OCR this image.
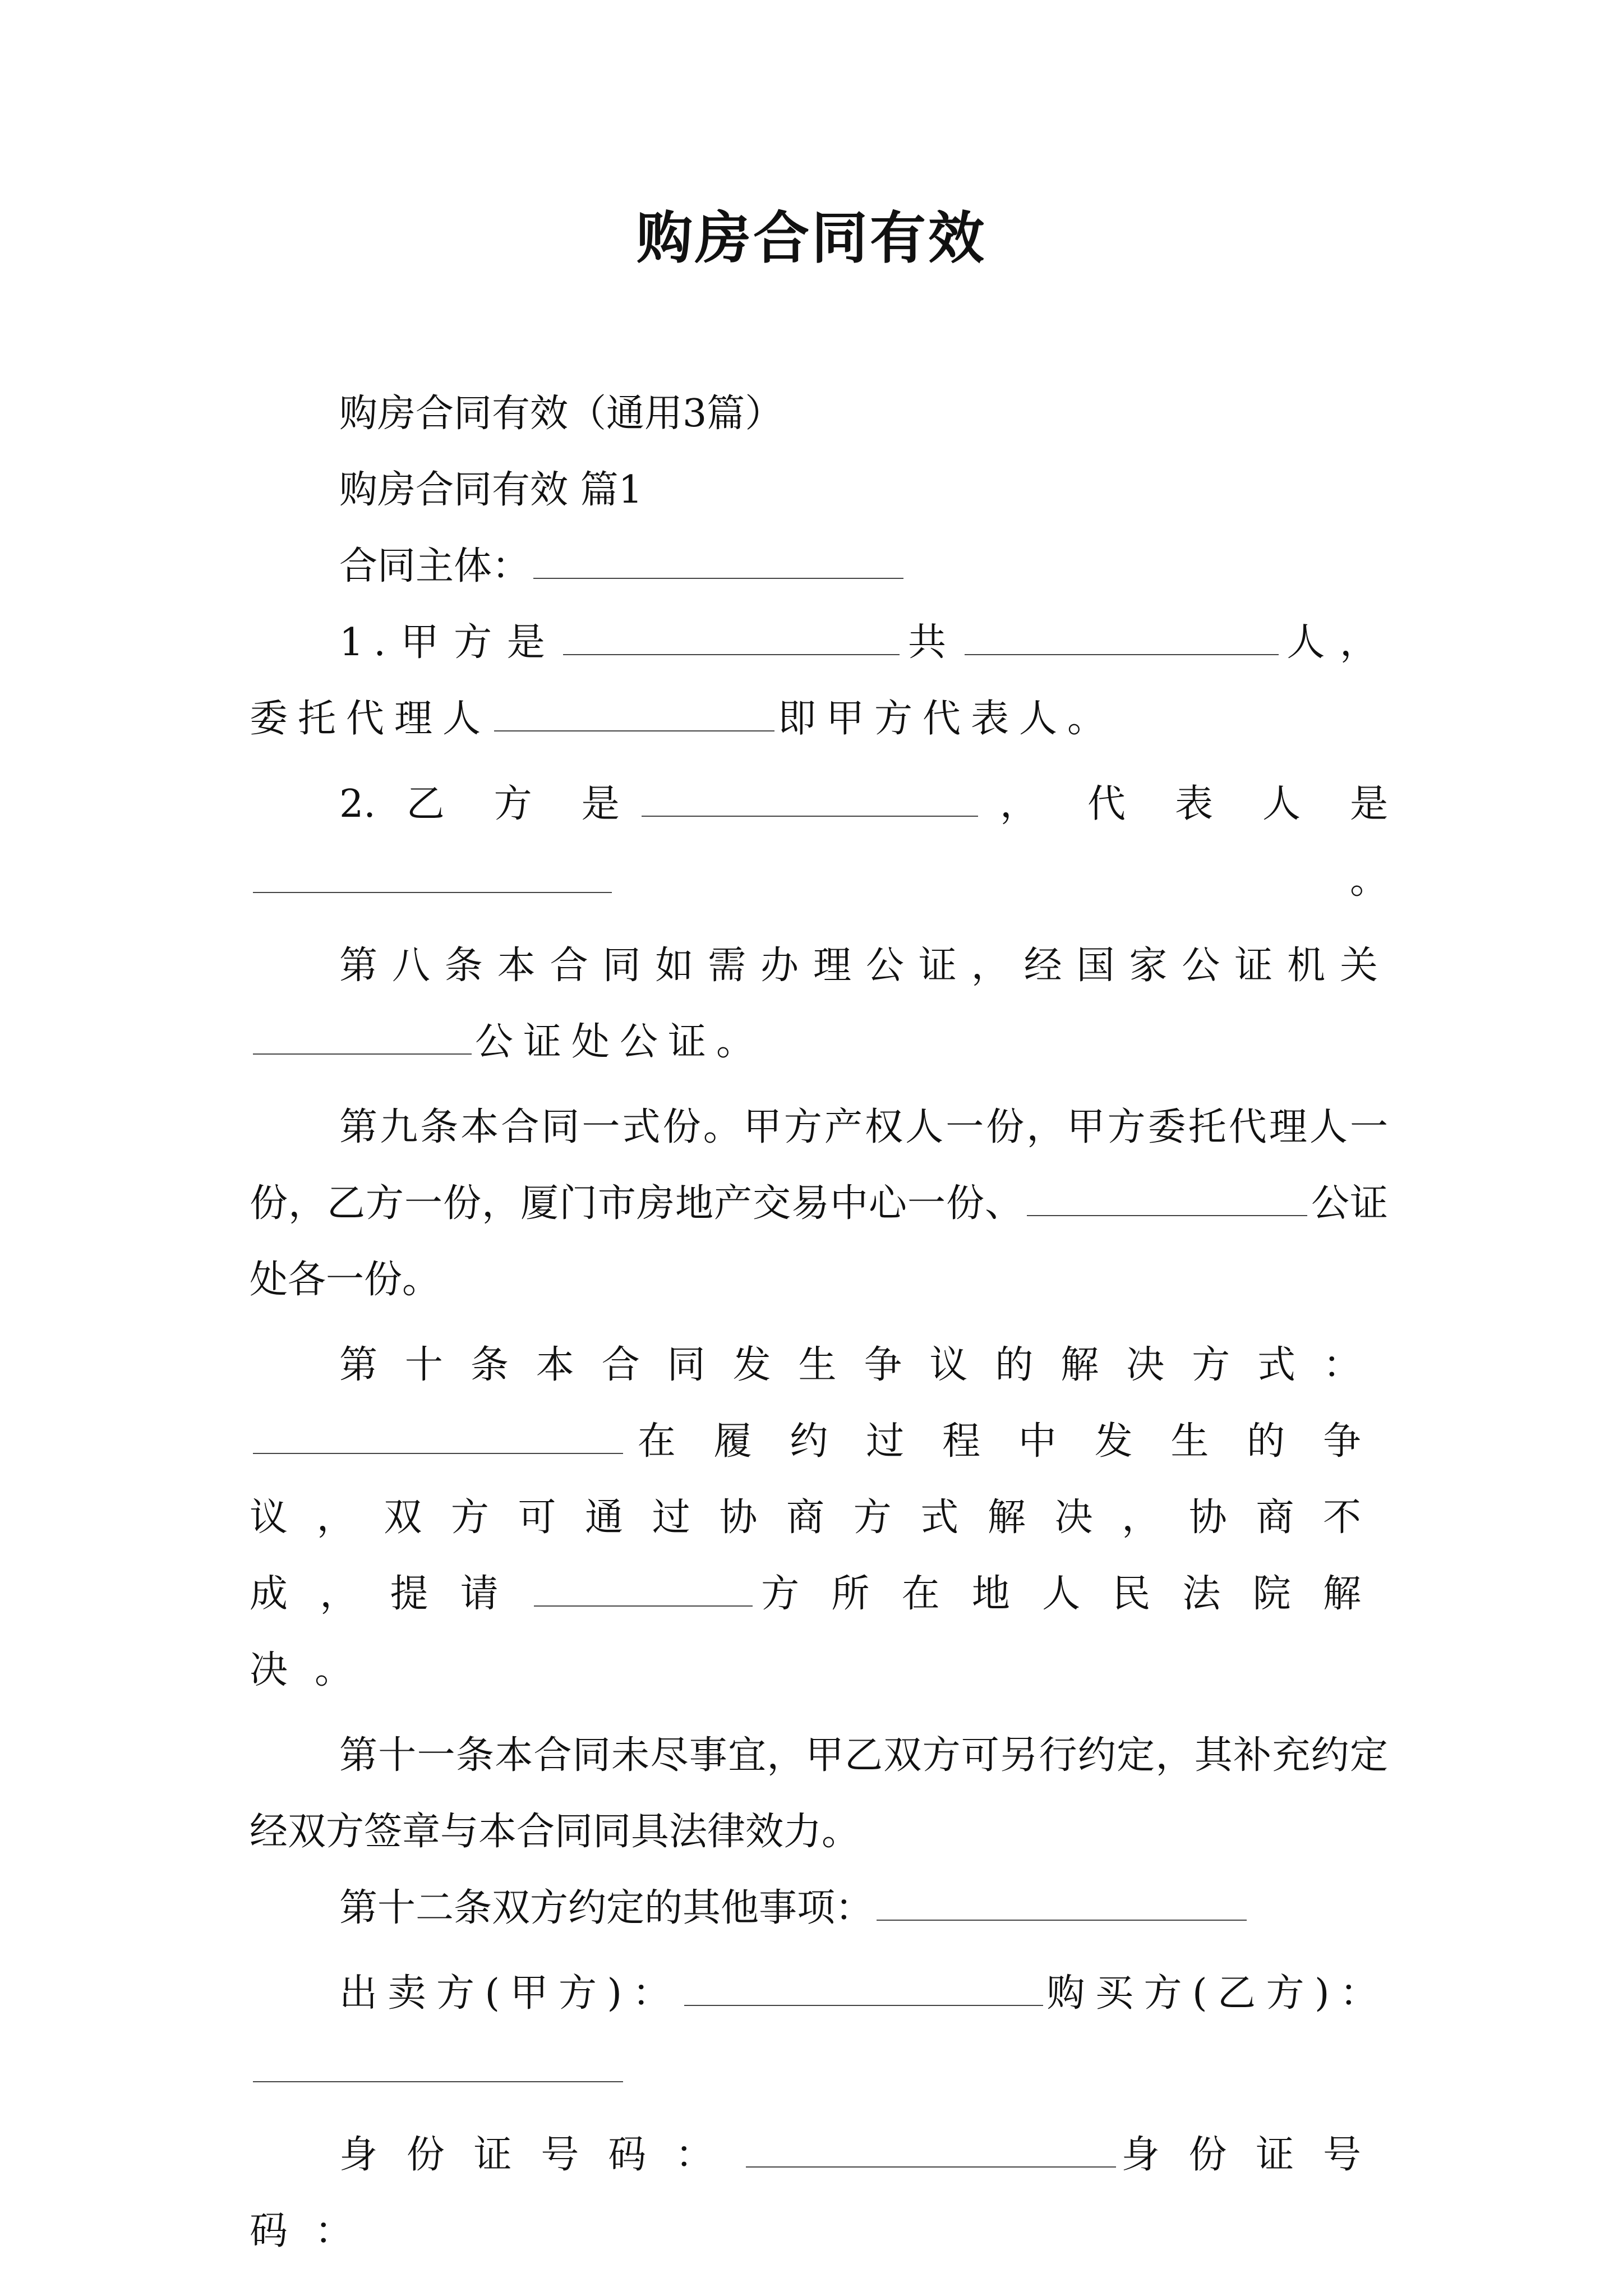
购房合同有效

购房合同有效（通用3篇）

购房合同有效 篇1

合同主体：

1.甲方是	共	人，委托代理人	即甲方代表人。

2. 乙 方 是	， 代 表 人 是。

第八条本合同如需办理公证，经国家公证机关公证处公证。

第九条本合同一式份。甲方产权人一份，甲方委托代理人一份，乙方一份，厦门市房地产交易中心一份、	公证处各一份。

第十条本合同发生争议的解决方式：在履约过程中发生的争议，双方可通过协商方式解决，协商不成，提请	方所在地人民法院解决。

第十一条本合同未尽事宜，甲乙双方可另行约定，其补充约定经双方签章与本合同同具法律效力。

第十二条双方约定的其他事项：

出卖方(甲方)：	购买方(乙方)：

身份证号码：	身份证号码：
